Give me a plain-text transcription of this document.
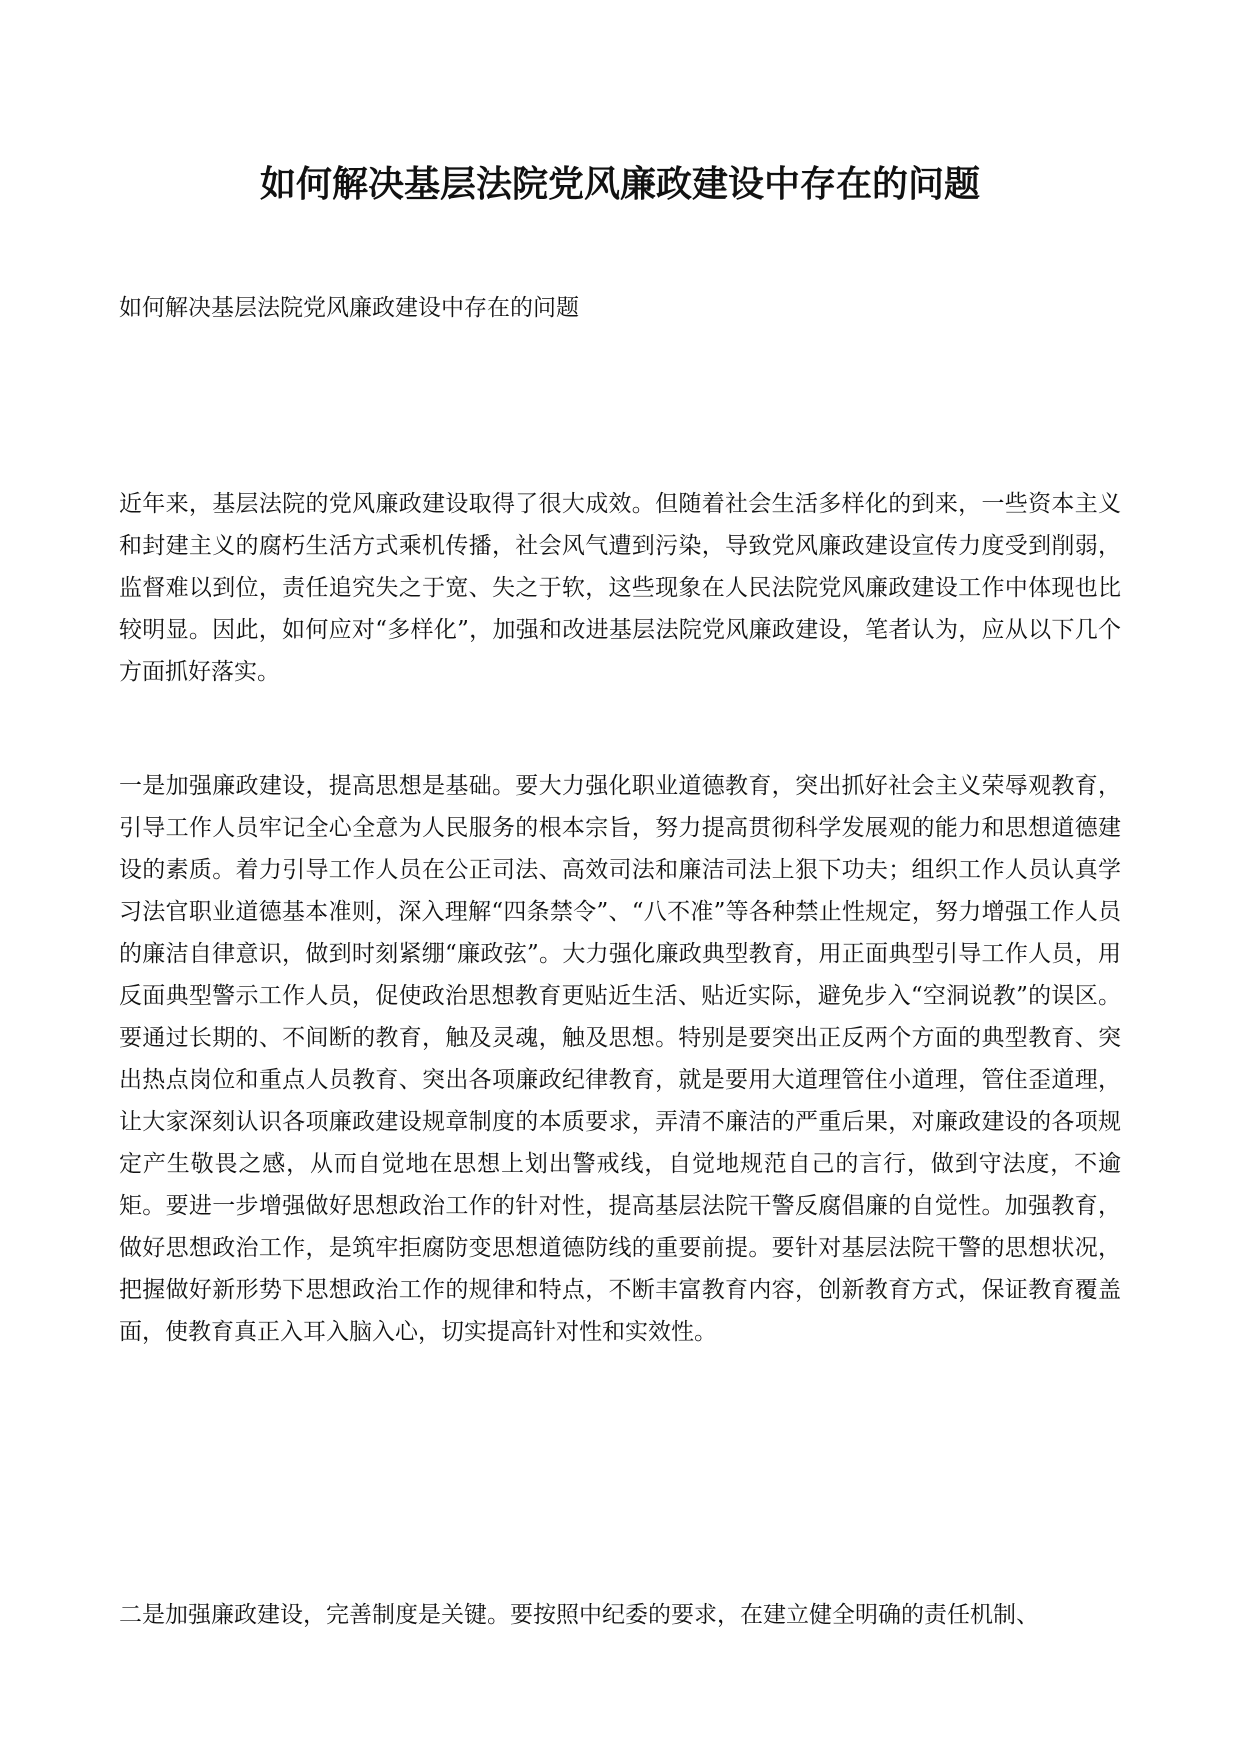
如何解决基层法院党风廉政建设中存在的问题

如何解决基层法院党风廉政建设中存在的问题

近年来，基层法院的党风廉政建设取得了很大成效。但随着社会生活多样化的到来，一些资本主义和封建主义的腐朽生活方式乘机传播，社会风气遭到污染，导致党风廉政建设宣传力度受到削弱，监督难以到位，责任追究失之于宽、失之于软，这些现象在人民法院党风廉政建设工作中体现也比较明显。因此，如何应对“多样化”，加强和改进基层法院党风廉政建设，笔者认为，应从以下几个方面抓好落实。

一是加强廉政建设，提高思想是基础。要大力强化职业道德教育，突出抓好社会主义荣辱观教育，引导工作人员牢记全心全意为人民服务的根本宗旨，努力提高贯彻科学发展观的能力和思想道德建设的素质。着力引导工作人员在公正司法、高效司法和廉洁司法上狠下功夫；组织工作人员认真学习法官职业道德基本准则，深入理解“四条禁令”、“八不准”等各种禁止性规定，努力增强工作人员的廉洁自律意识，做到时刻紧绷“廉政弦”。大力强化廉政典型教育，用正面典型引导工作人员，用反面典型警示工作人员，促使政治思想教育更贴近生活、贴近实际，避免步入“空洞说教”的误区。要通过长期的、不间断的教育，触及灵魂，触及思想。特别是要突出正反两个方面的典型教育、突出热点岗位和重点人员教育、突出各项廉政纪律教育，就是要用大道理管住小道理，管住歪道理，让大家深刻认识各项廉政建设规章制度的本质要求，弄清不廉洁的严重后果，对廉政建设的各项规定产生敬畏之感，从而自觉地在思想上划出警戒线，自觉地规范自己的言行，做到守法度，不逾矩。要进一步增强做好思想政治工作的针对性，提高基层法院干警反腐倡廉的自觉性。加强教育，做好思想政治工作，是筑牢拒腐防变思想道德防线的重要前提。要针对基层法院干警的思想状况，把握做好新形势下思想政治工作的规律和特点，不断丰富教育内容，创新教育方式，保证教育覆盖面，使教育真正入耳入脑入心，切实提高针对性和实效性。

二是加强廉政建设，完善制度是关键。要按照中纪委的要求，在建立健全明确的责任机制、
